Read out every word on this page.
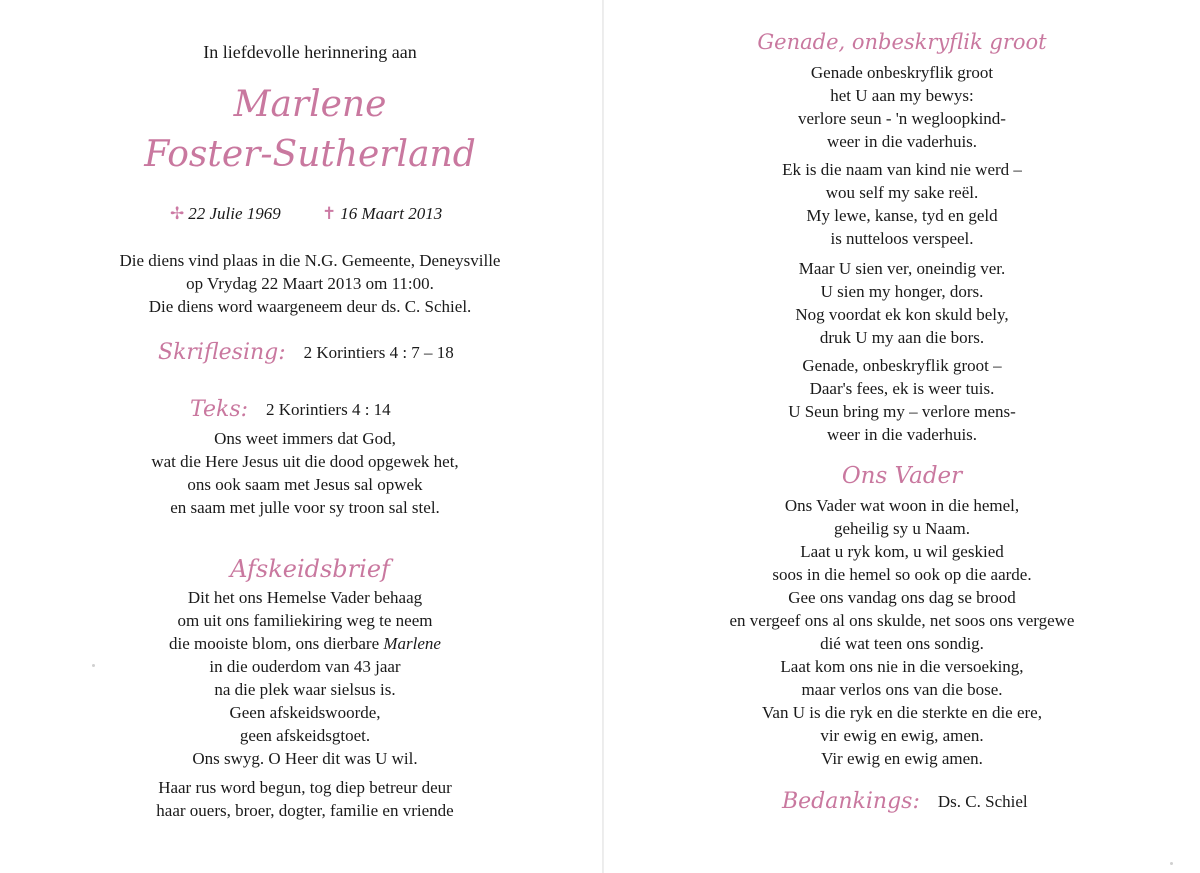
In liefdevolle herinnering aan
Marlene
Foster-Sutherland
✢ 22 Julie 1969 ✝ 16 Maart 2013
Die diens vind plaas in die N.G. Gemeente, Deneysville
op Vrydag 22 Maart 2013 om 11:00.
Die diens word waargeneem deur ds. C. Schiel.
Skriflesing: 2 Korintiers 4 : 7 – 18
Teks: 2 Korintiers 4 : 14
Ons weet immers dat God,
wat die Here Jesus uit die dood opgewek het,
ons ook saam met Jesus sal opwek
en saam met julle voor sy troon sal stel.
Afskeidsbrief
Dit het ons Hemelse Vader behaag
om uit ons familiekiring weg te neem
die mooiste blom, ons dierbare Marlene
in die ouderdom van 43 jaar
na die plek waar sielsus is.
Geen afskeidswoorde,
geen afskeidsgtoet.
Ons swyg. O Heer dit was U wil.
Haar rus word begun, tog diep betreur deur
haar ouers, broer, dogter, familie en vriende
Genade, onbeskryflik groot
Genade onbeskryflik groot
het U aan my bewys:
verlore seun - 'n wegloopkind-
weer in die vaderhuis.
Ek is die naam van kind nie werd –
wou self my sake reël.
My lewe, kanse, tyd en geld
is nutteloos verspeel.
Maar U sien ver, oneindig ver.
U sien my honger, dors.
Nog voordat ek kon skuld bely,
druk U my aan die bors.
Genade, onbeskryflik groot –
Daar's fees, ek is weer tuis.
U Seun bring my – verlore mens-
weer in die vaderhuis.
Ons Vader
Ons Vader wat woon in die hemel,
geheilig sy u Naam.
Laat u ryk kom, u wil geskied
soos in die hemel so ook op die aarde.
Gee ons vandag ons dag se brood
en vergeef ons al ons skulde, net soos ons vergewe
dié wat teen ons sondig.
Laat kom ons nie in die versoeking,
maar verlos ons van die bose.
Van U is die ryk en die sterkte en die ere,
vir ewig en ewig, amen.
Vir ewig en ewig amen.
Bedankings: Ds. C. Schiel
